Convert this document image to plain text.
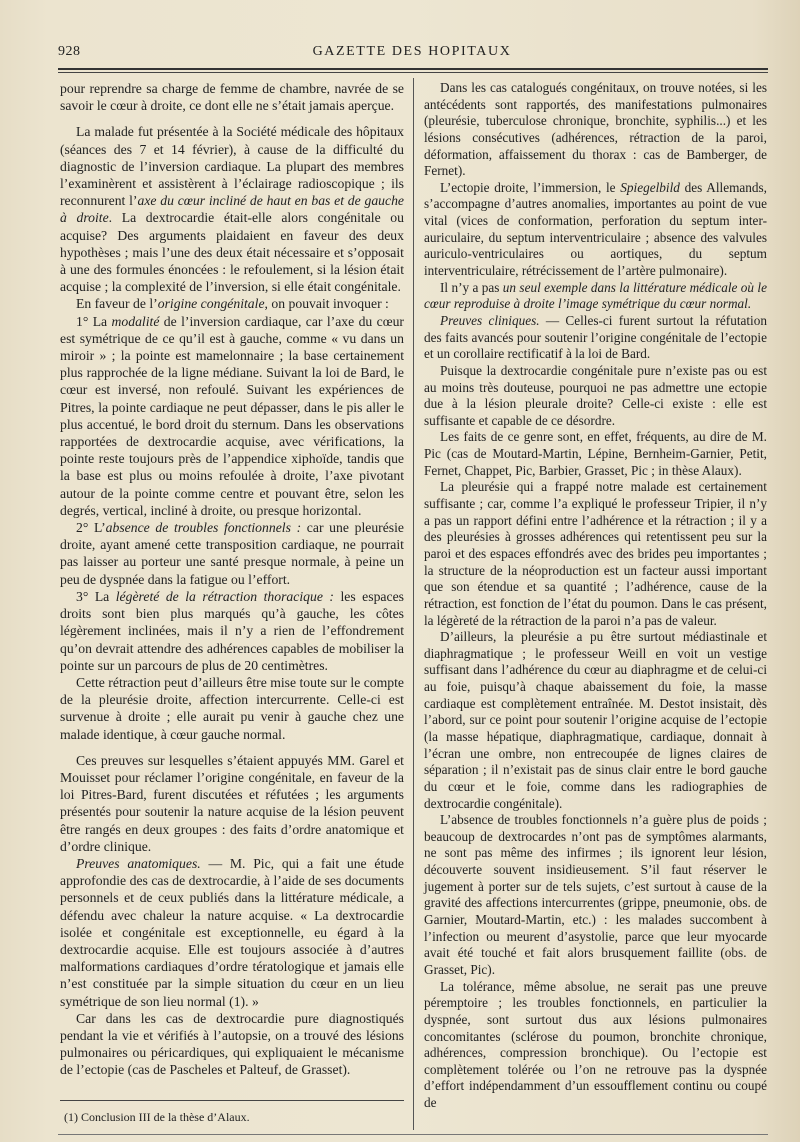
928	GAZETTE DES HOPITAUX

pour reprendre sa charge de femme de chambre, navrée de se savoir le cœur à droite, ce dont elle ne s’était jamais aperçue.

La malade fut présentée à la Société médicale des hôpitaux (séances des 7 et 14 février), à cause de la difficulté du diagnostic de l’inversion cardiaque. La plupart des membres l’examinèrent et assistèrent à l’éclairage radioscopique ; ils reconnurent l’axe du cœur incliné de haut en bas et de gauche à droite. La dextrocardie était-elle alors congénitale ou acquise? Des arguments plaidaient en faveur des deux hypothèses ; mais l’une des deux était nécessaire et s’opposait à une des formules énoncées : le refoulement, si la lésion était acquise ; la complexité de l’inversion, si elle était congénitale.

En faveur de l’origine congénitale, on pouvait invoquer :

1° La modalité de l’inversion cardiaque, car l’axe du cœur est symétrique de ce qu’il est à gauche, comme « vu dans un miroir » ; la pointe est mamelonnaire ; la base certainement plus rapprochée de la ligne médiane. Suivant la loi de Bard, le cœur est inversé, non refoulé. Suivant les expériences de Pitres, la pointe cardiaque ne peut dépasser, dans le pis aller le plus accentué, le bord droit du sternum. Dans les observations rapportées de dextrocardie acquise, avec vérifications, la pointe reste toujours près de l’appendice xiphoïde, tandis que la base est plus ou moins refoulée à droite, l’axe pivotant autour de la pointe comme centre et pouvant être, selon les degrés, vertical, incliné à droite, ou presque horizontal.

2° L’absence de troubles fonctionnels : car une pleurésie droite, ayant amené cette transposition cardiaque, ne pourrait pas laisser au porteur une santé presque normale, à peine un peu de dyspnée dans la fatigue ou l’effort.

3° La légèreté de la rétraction thoracique : les espaces droits sont bien plus marqués qu’à gauche, les côtes légèrement inclinées, mais il n’y a rien de l’effondrement qu’on devrait attendre des adhérences capables de mobiliser la pointe sur un parcours de plus de 20 centimètres.

Cette rétraction peut d’ailleurs être mise toute sur le compte de la pleurésie droite, affection intercurrente. Celle-ci est survenue à droite ; elle aurait pu venir à gauche chez une malade identique, à cœur gauche normal.

Ces preuves sur lesquelles s’étaient appuyés MM. Garel et Mouisset pour réclamer l’origine congénitale, en faveur de la loi Pitres-Bard, furent discutées et réfutées ; les arguments présentés pour soutenir la nature acquise de la lésion peuvent être rangés en deux groupes : des faits d’ordre anatomique et d’ordre clinique.

Preuves anatomiques. — M. Pic, qui a fait une étude approfondie des cas de dextrocardie, à l’aide de ses documents personnels et de ceux publiés dans la littérature médicale, a défendu avec chaleur la nature acquise. « La dextrocardie isolée et congénitale est exceptionnelle, eu égard à la dextrocardie acquise. Elle est toujours associée à d’autres malformations cardiaques d’ordre tératologique et jamais elle n’est constituée par la simple situation du cœur en un lieu symétrique de son lieu normal (1). »

Car dans les cas de dextrocardie pure diagnostiqués pendant la vie et vérifiés à l’autopsie, on a trouvé des lésions pulmonaires ou péricardiques, qui expliquaient le mécanisme de l’ectopie (cas de Pascheles et Palteuf, de Grasset).

Dans les cas catalogués congénitaux, on trouve notées, si les antécédents sont rapportés, des manifestations pulmonaires (pleurésie, tuberculose chronique, bronchite, syphilis...) et les lésions consécutives (adhérences, rétraction de la paroi, déformation, affaissement du thorax : cas de Bamberger, de Fernet).

L’ectopie droite, l’immersion, le Spiegelbild des Allemands, s’accompagne d’autres anomalies, importantes au point de vue vital (vices de conformation, perforation du septum inter-auriculaire, du septum interventriculaire ; absence des valvules auriculo-ventriculaires ou aortiques, du septum interventriculaire, rétrécissement de l’artère pulmonaire).

Il n’y a pas un seul exemple dans la littérature médicale où le cœur reproduise à droite l’image symétrique du cœur normal.

Preuves cliniques. — Celles-ci furent surtout la réfutation des faits avancés pour soutenir l’origine congénitale de l’ectopie et un corollaire rectificatif à la loi de Bard.

Puisque la dextrocardie congénitale pure n’existe pas ou est au moins très douteuse, pourquoi ne pas admettre une ectopie due à la lésion pleurale droite? Celle-ci existe : elle est suffisante et capable de ce désordre.

Les faits de ce genre sont, en effet, fréquents, au dire de M. Pic (cas de Moutard-Martin, Lépine, Bernheim-Garnier, Petit, Fernet, Chappet, Pic, Barbier, Grasset, Pic ; in thèse Alaux).

La pleurésie qui a frappé notre malade est certainement suffisante ; car, comme l’a expliqué le professeur Tripier, il n’y a pas un rapport défini entre l’adhérence et la rétraction ; il y a des pleurésies à grosses adhérences qui retentissent peu sur la paroi et des espaces effondrés avec des brides peu importantes ; la structure de la néoproduction est un facteur aussi important que son étendue et sa quantité ; l’adhérence, cause de la rétraction, est fonction de l’état du poumon. Dans le cas présent, la légèreté de la rétraction de la paroi n’a pas de valeur.

D’ailleurs, la pleurésie a pu être surtout médiastinale et diaphragmatique ; le professeur Weill en voit un vestige suffisant dans l’adhérence du cœur au diaphragme et de celui-ci au foie, puisqu’à chaque abaissement du foie, la masse cardiaque est complètement entraînée. M. Destot insistait, dès l’abord, sur ce point pour soutenir l’origine acquise de l’ectopie (la masse hépatique, diaphragmatique, cardiaque, donnait à l’écran une ombre, non entrecoupée de lignes claires de séparation ; il n’existait pas de sinus clair entre le bord gauche du cœur et le foie, comme dans les radiographies de dextrocardie congénitale).

L’absence de troubles fonctionnels n’a guère plus de poids ; beaucoup de dextrocardes n’ont pas de symptômes alarmants, ne sont pas même des infirmes ; ils ignorent leur lésion, découverte souvent insidieusement. S’il faut réserver le jugement à porter sur de tels sujets, c’est surtout à cause de la gravité des affections intercurrentes (grippe, pneumonie, obs. de Garnier, Moutard-Martin, etc.) : les malades succombent à l’infection ou meurent d’asystolie, parce que leur myocarde avait été touché et fait alors brusquement faillite (obs. de Grasset, Pic).

La tolérance, même absolue, ne serait pas une preuve péremptoire ; les troubles fonctionnels, en particulier la dyspnée, sont surtout dus aux lésions pulmonaires concomitantes (sclérose du poumon, bronchite chronique, adhérences, compression bronchique). Ou l’ectopie est complètement tolérée ou l’on ne retrouve pas la dyspnée d’effort indépendamment d’un essoufflement continu ou coupé de

(1) Conclusion III de la thèse d’Alaux.
